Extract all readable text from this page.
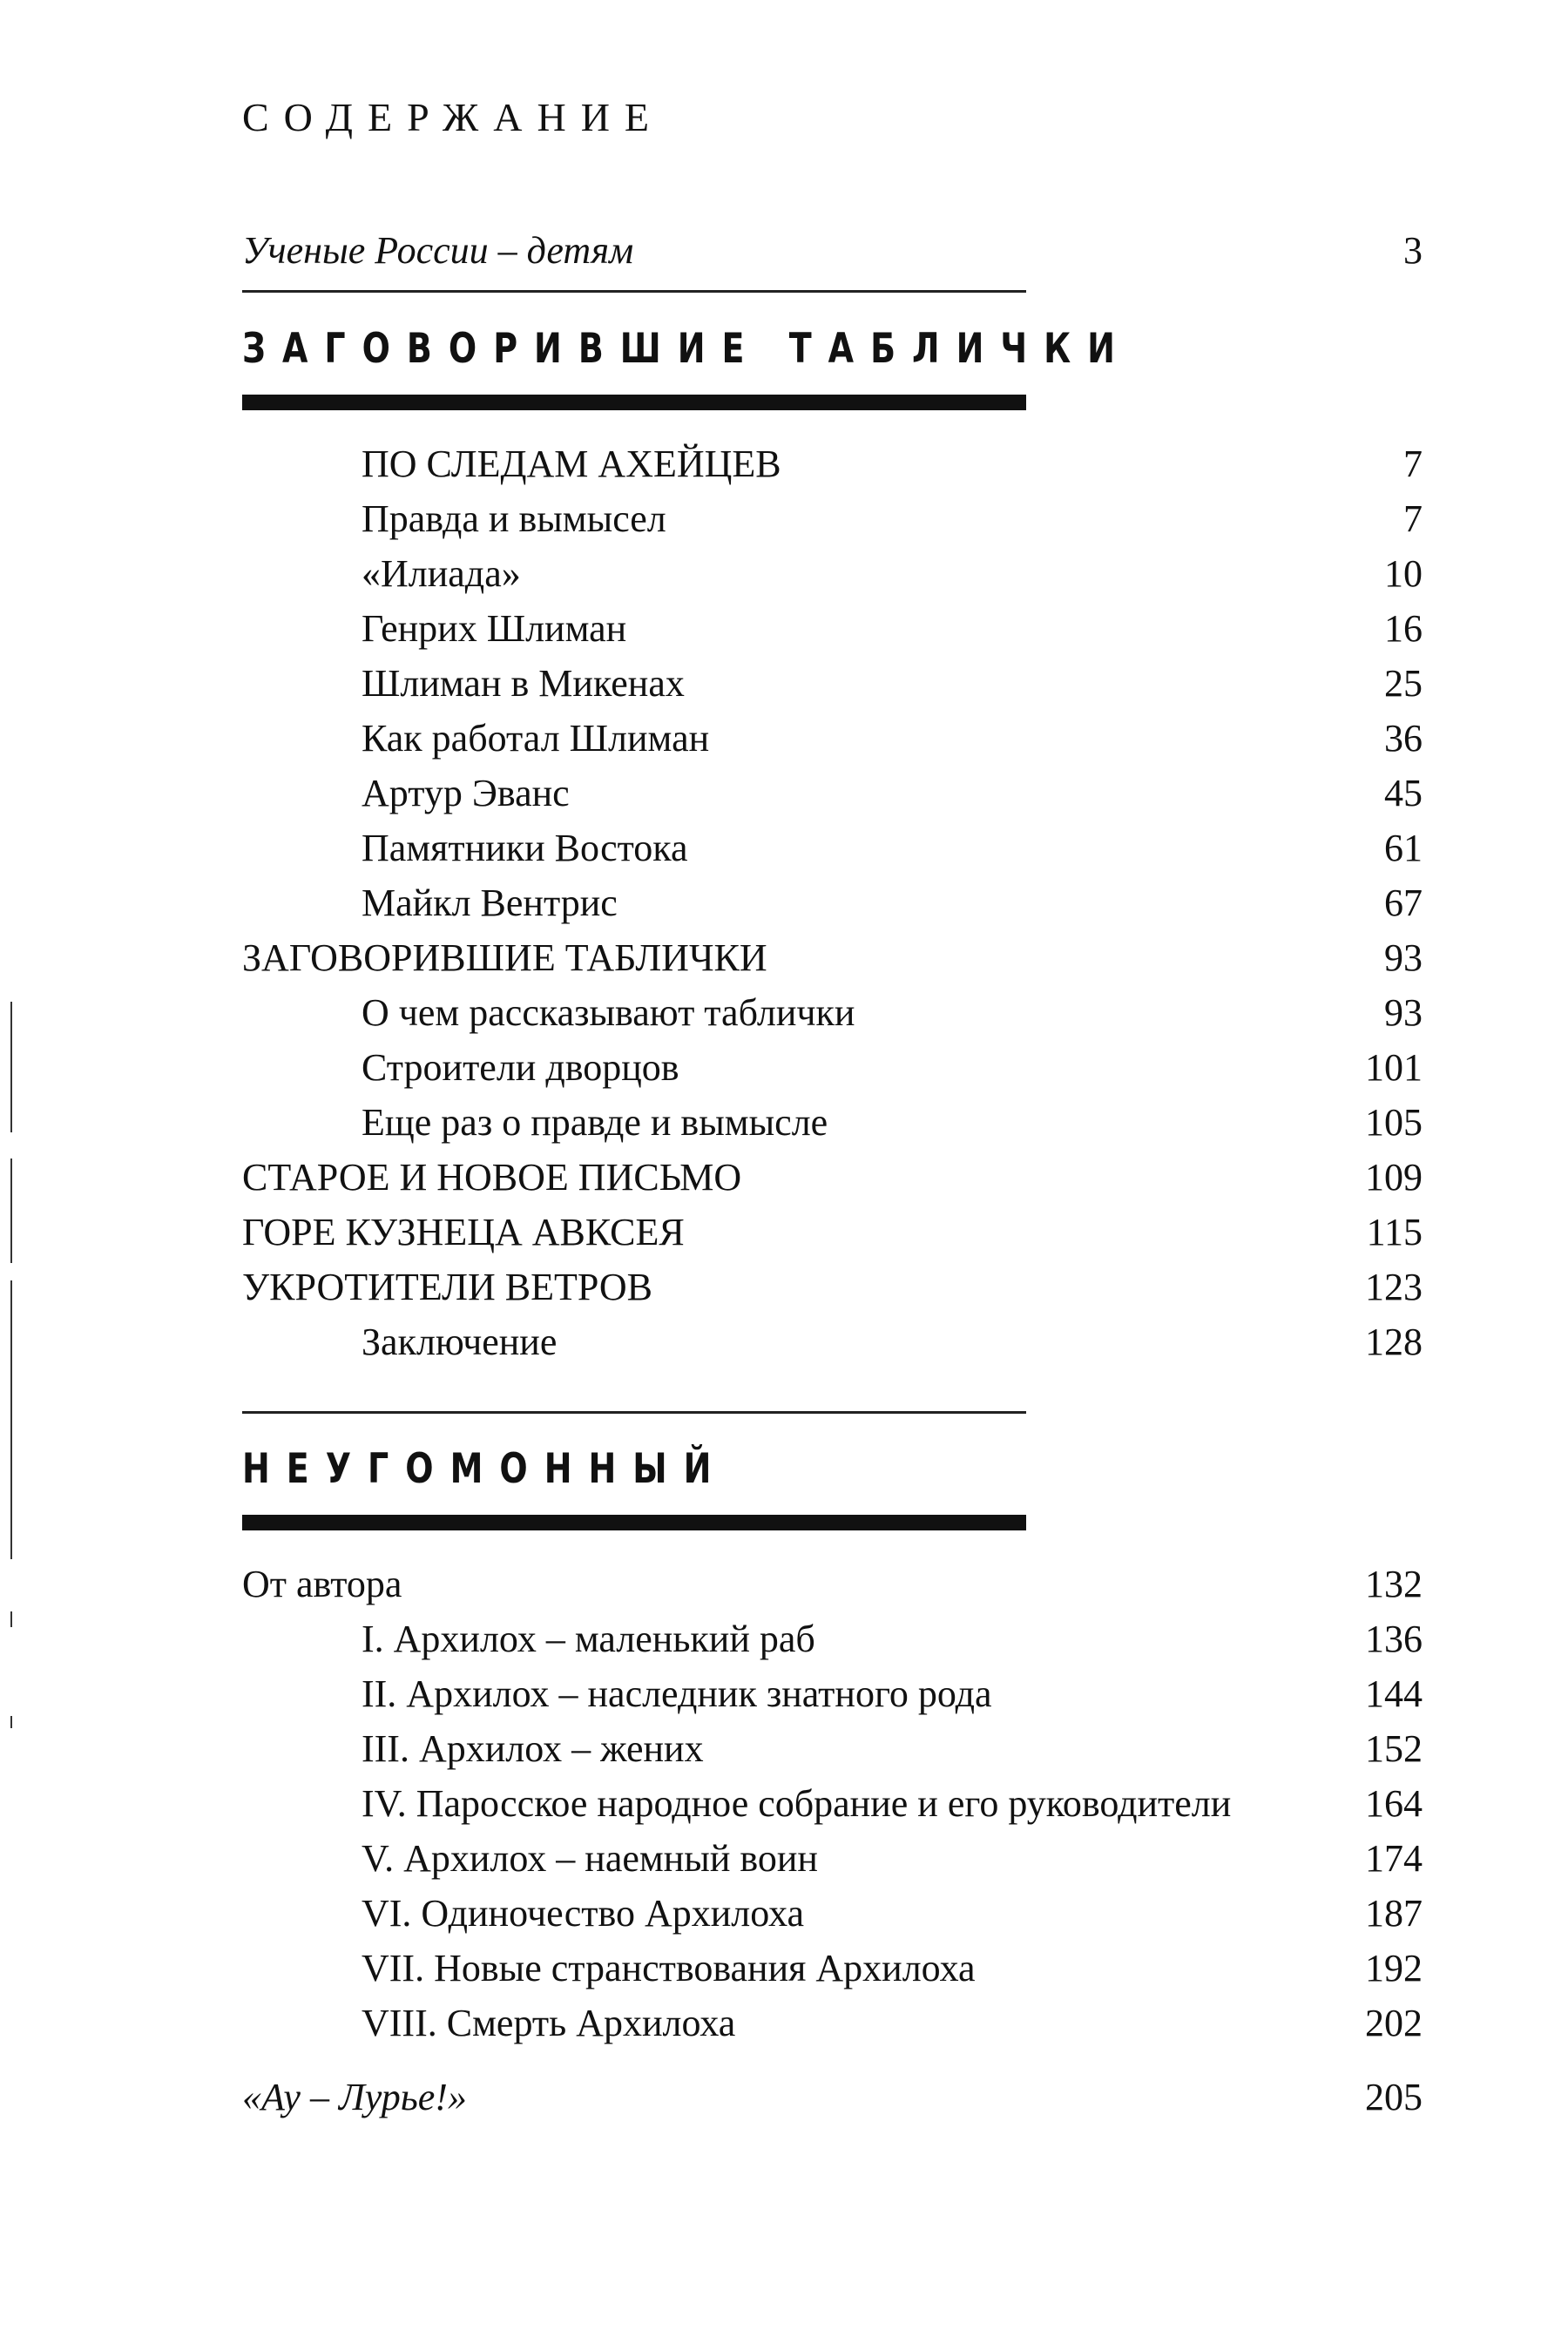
СОДЕРЖАНИЕ
Ученые России – детям	3
ЗАГОВОРИВШИЕ ТАБЛИЧКИ
ПО СЛЕДАМ АХЕЙЦЕВ	7
Правда и вымысел	7
«Илиада»	10
Генрих Шлиман	16
Шлиман в Микенах	25
Как работал Шлиман	36
Артур Эванс	45
Памятники Востока	61
Майкл Вентрис	67
ЗАГОВОРИВШИЕ ТАБЛИЧКИ	93
О чем рассказывают таблички	93
Строители дворцов	101
Еще раз о правде и вымысле	105
СТАРОЕ И НОВОЕ ПИСЬМО	109
ГОРЕ КУЗНЕЦА АВКСЕЯ	115
УКРОТИТЕЛИ ВЕТРОВ	123
Заключение	128
НЕУГОМОННЫЙ
От автора	132
I. Архилох – маленький раб	136
II. Архилох – наследник знатного рода	144
III. Архилох – жених	152
IV. Паросское народное собрание и его руководители	164
V. Архилох – наемный воин	174
VI. Одиночество Архилоха	187
VII. Новые странствования Архилоха	192
VIII. Смерть Архилоха	202
«Ау – Лурье!»	205
